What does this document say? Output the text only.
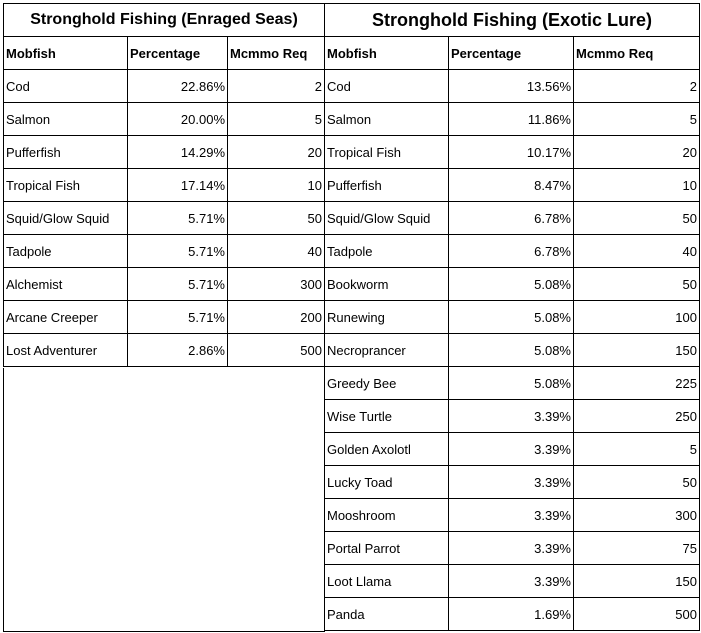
Stronghold Fishing (Enraged Seas)
Mobfish	Percentage	Mcmmo Req
Cod	22.86%	2
Salmon	20.00%	5
Pufferfish	14.29%	20
Tropical Fish	17.14%	10
Squid/Glow Squid	5.71%	50
Tadpole	5.71%	40
Alchemist	5.71%	300
Arcane Creeper	5.71%	200
Lost Adventurer	2.86%	500
Stronghold Fishing (Exotic Lure)
Mobfish	Percentage	Mcmmo Req
Cod	13.56%	2
Salmon	11.86%	5
Tropical Fish	10.17%	20
Pufferfish	8.47%	10
Squid/Glow Squid	6.78%	50
Tadpole	6.78%	40
Bookworm	5.08%	50
Runewing	5.08%	100
Necroprancer	5.08%	150
Greedy Bee	5.08%	225
Wise Turtle	3.39%	250
Golden Axolotl	3.39%	5
Lucky Toad	3.39%	50
Mooshroom	3.39%	300
Portal Parrot	3.39%	75
Loot Llama	3.39%	150
Panda	1.69%	500
